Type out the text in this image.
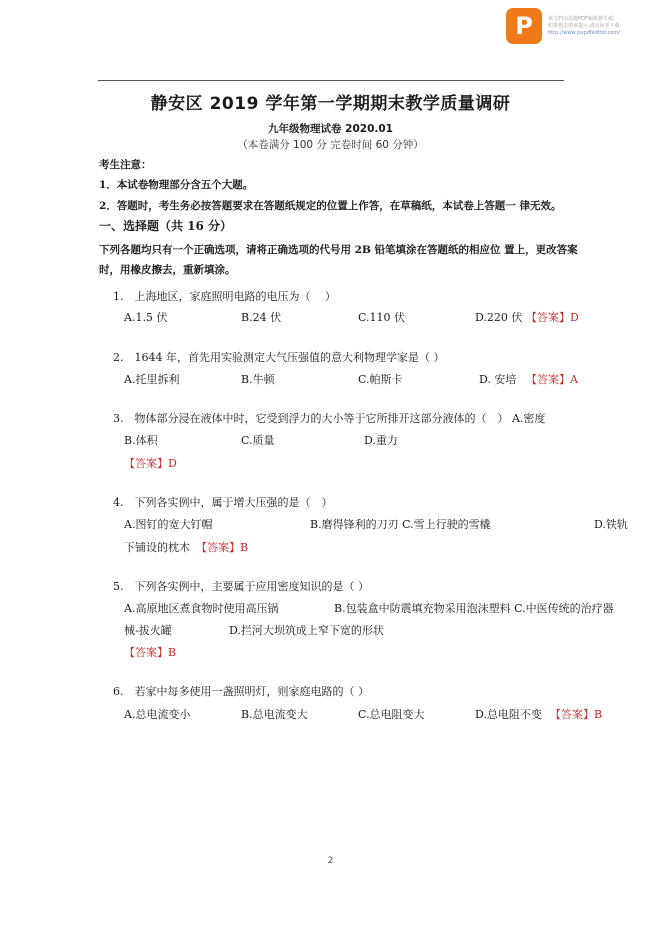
P	该文档由迅捷PDF编辑器生成,
如果想去掉该提示,请访问并下载:
http://www.jsxpdfeditor.com/
静安区 2019 学年第一学期期末教学质量调研
九年级物理试卷 2020.01
（本卷满分 100 分 完卷时间 60 分钟）
考生注意：
1．本试卷物理部分含五个大题。
2．答题时，考生务必按答题要求在答题纸规定的位置上作答，在草稿纸，本试卷上答题一 律无效。
一、选择题（共 16 分）
下列各题均只有一个正确选项，请将正确选项的代号用 2B 铅笔填涂在答题纸的相应位 置上，更改答案
时，用橡皮擦去，重新填涂。
1.　上海地区，家庭照明电路的电压为（　 ）
A.1.5 伏	B.24 伏	C.110 伏	D.220 伏 【答案】D
2.　1644 年，首先用实验测定大气压强值的意大利物理学家是（ ）
A.托里拆利	B.牛顿	C.帕斯卡	D. 安培 【答案】A
3.　物体部分浸在液体中时，它受到浮力的大小等于它所排开这部分液体的（　） A.密度
B.体积	C.质量	D.重力
【答案】D
4.　下列各实例中，属于增大压强的是（　）
A.图钉的宽大钉帽	B.磨得锋利的刀刃 C.雪上行驶的雪橇	D.铁轨
下铺设的枕木 【答案】B
5.　下列各实例中，主要属于应用密度知识的是（ ）
A.高原地区煮食物时使用高压锅	B.包装盒中防震填充物采用泡沫塑料 C.中医传统的治疗器
械-拔火罐	D.拦河大坝筑成上窄下宽的形状
【答案】B
6.　若家中每多使用一盏照明灯，则家庭电路的（ ）
A.总电流变小	B.总电流变大	C.总电阻变大	D.总电阻不变 【答案】B
2
